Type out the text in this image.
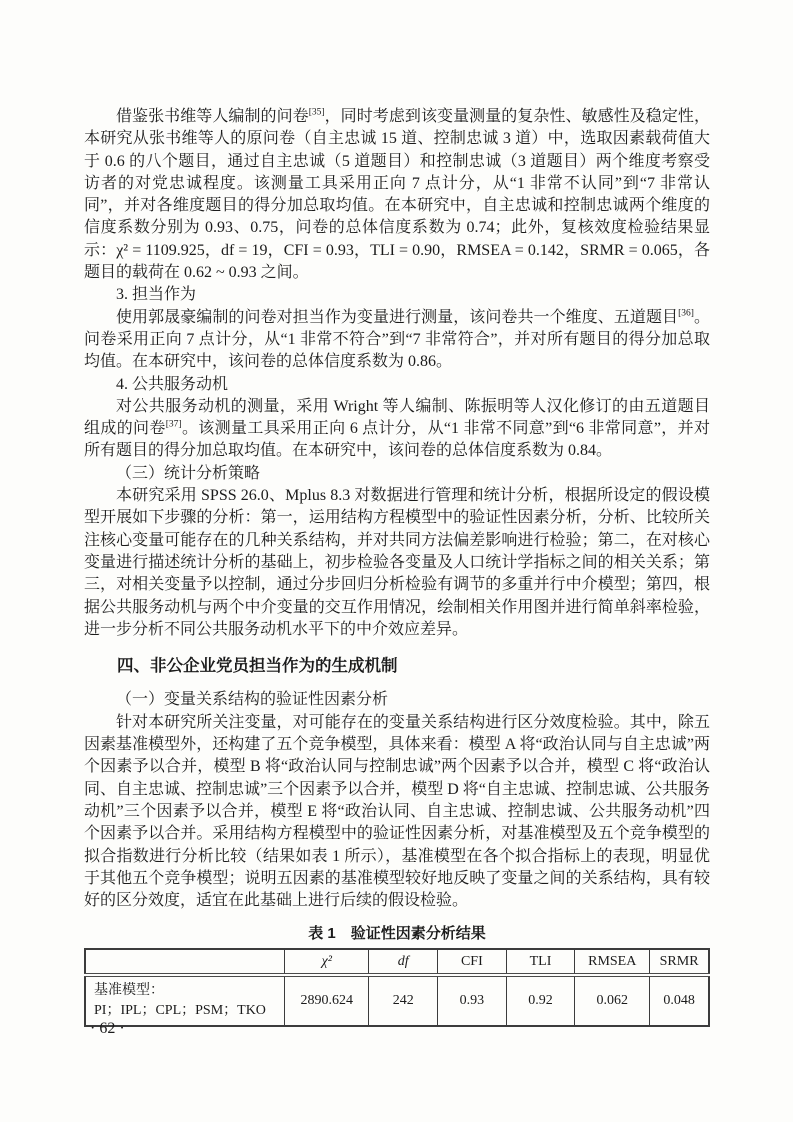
借鉴张书维等人编制的问卷[35]，同时考虑到该变量测量的复杂性、敏感性及稳定性，本研究从张书维等人的原问卷（自主忠诚 15 道、控制忠诚 3 道）中，选取因素载荷值大于 0.6 的八个题目，通过自主忠诚（5 道题目）和控制忠诚（3 道题目）两个维度考察受访者的对党忠诚程度。该测量工具采用正向 7 点计分，从“1 非常不认同”到“7 非常认同”，并对各维度题目的得分加总取均值。在本研究中，自主忠诚和控制忠诚两个维度的信度系数分别为 0.93、0.75，问卷的总体信度系数为 0.74；此外，复核效度检验结果显示：χ² = 1109.925，df = 19，CFI = 0.93，TLI = 0.90，RMSEA = 0.142，SRMR = 0.065，各题目的载荷在 0.62 ~ 0.93 之间。

3. 担当作为

使用郭晟豪编制的问卷对担当作为变量进行测量，该问卷共一个维度、五道题目[36]。问卷采用正向 7 点计分，从“1 非常不符合”到“7 非常符合”，并对所有题目的得分加总取均值。在本研究中，该问卷的总体信度系数为 0.86。

4. 公共服务动机

对公共服务动机的测量，采用 Wright 等人编制、陈振明等人汉化修订的由五道题目组成的问卷[37]。该测量工具采用正向 6 点计分，从“1 非常不同意”到“6 非常同意”，并对所有题目的得分加总取均值。在本研究中，该问卷的总体信度系数为 0.84。

（三）统计分析策略

本研究采用 SPSS 26.0、Mplus 8.3 对数据进行管理和统计分析，根据所设定的假设模型开展如下步骤的分析：第一，运用结构方程模型中的验证性因素分析，分析、比较所关注核心变量可能存在的几种关系结构，并对共同方法偏差影响进行检验；第二，在对核心变量进行描述统计分析的基础上，初步检验各变量及人口统计学指标之间的相关关系；第三，对相关变量予以控制，通过分步回归分析检验有调节的多重并行中介模型；第四，根据公共服务动机与两个中介变量的交互作用情况，绘制相关作用图并进行简单斜率检验，进一步分析不同公共服务动机水平下的中介效应差异。

四、非公企业党员担当作为的生成机制

（一）变量关系结构的验证性因素分析

针对本研究所关注变量，对可能存在的变量关系结构进行区分效度检验。其中，除五因素基准模型外，还构建了五个竞争模型，具体来看：模型 A 将“政治认同与自主忠诚”两个因素予以合并，模型 B 将“政治认同与控制忠诚”两个因素予以合并，模型 C 将“政治认同、自主忠诚、控制忠诚”三个因素予以合并，模型 D 将“自主忠诚、控制忠诚、公共服务动机”三个因素予以合并，模型 E 将“政治认同、自主忠诚、控制忠诚、公共服务动机”四个因素予以合并。采用结构方程模型中的验证性因素分析，对基准模型及五个竞争模型的拟合指数进行分析比较（结果如表 1 所示），基准模型在各个拟合指标上的表现，明显优于其他五个竞争模型；说明五因素的基准模型较好地反映了变量之间的关系结构，具有较好的区分效度，适宜在此基础上进行后续的假设检验。

表 1　验证性因素分析结果

	χ²	df	CFI	TLI	RMSEA	SRMR

基准模型：
PI；IPL；CPL；PSM；TKO	2890.624	242	0.93	0.92	0.062	0.048
· 62 ·
